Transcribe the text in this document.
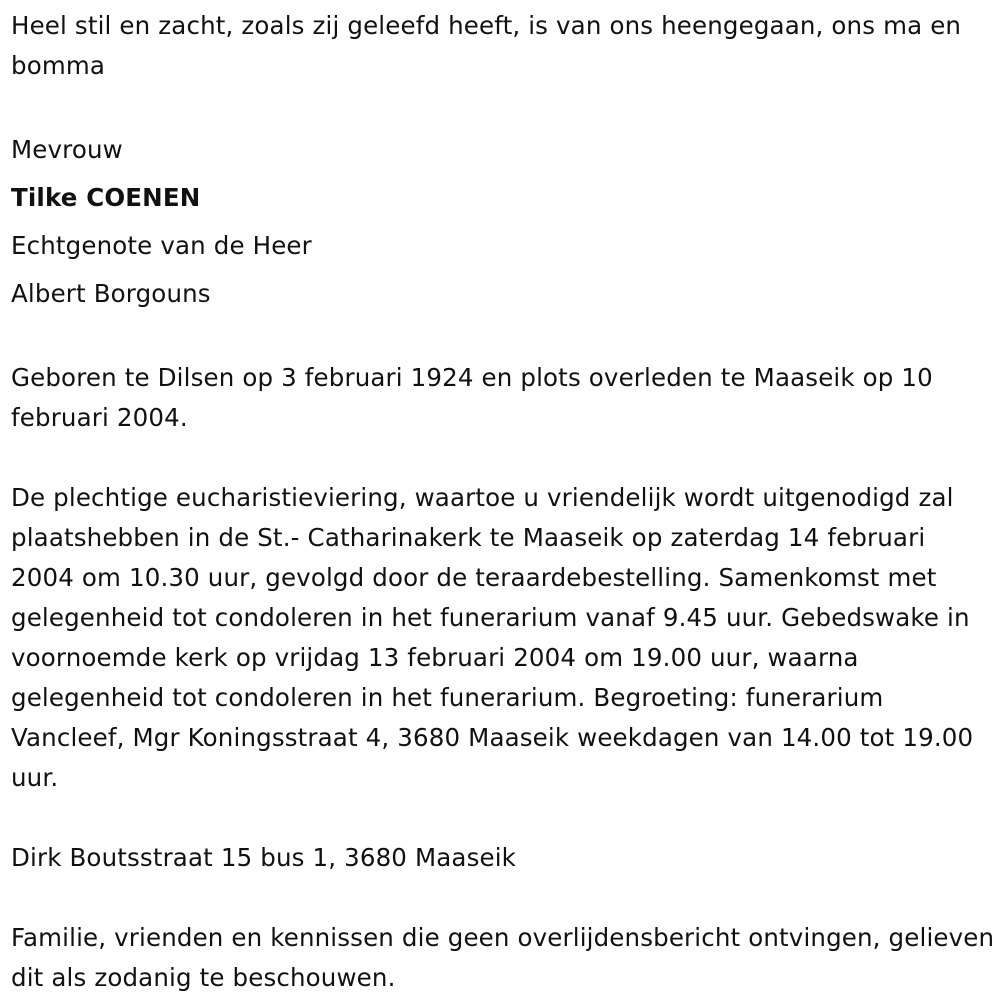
Heel stil en zacht, zoals zij geleefd heeft, is van ons heengegaan, ons ma en bomma

Mevrouw

Tilke COENEN

Echtgenote van de Heer

Albert Borgouns

Geboren te Dilsen op 3 februari 1924 en plots overleden te Maaseik op 10 februari 2004.

De plechtige eucharistieviering, waartoe u vriendelijk wordt uitgenodigd zal plaatshebben in de St.- Catharinakerk te Maaseik op zaterdag 14 februari 2004 om 10.30 uur, gevolgd door de teraardebestelling. Samenkomst met gelegenheid tot condoleren in het funerarium vanaf 9.45 uur. Gebedswake in voornoemde kerk op vrijdag 13 februari 2004 om 19.00 uur, waarna gelegenheid tot condoleren in het funerarium. Begroeting: funerarium Vancleef, Mgr Koningsstraat 4, 3680 Maaseik weekdagen van 14.00 tot 19.00 uur.

Dirk Boutsstraat 15 bus 1, 3680 Maaseik

Familie, vrienden en kennissen die geen overlijdensbericht ontvingen, gelieven dit als zodanig te beschouwen.
